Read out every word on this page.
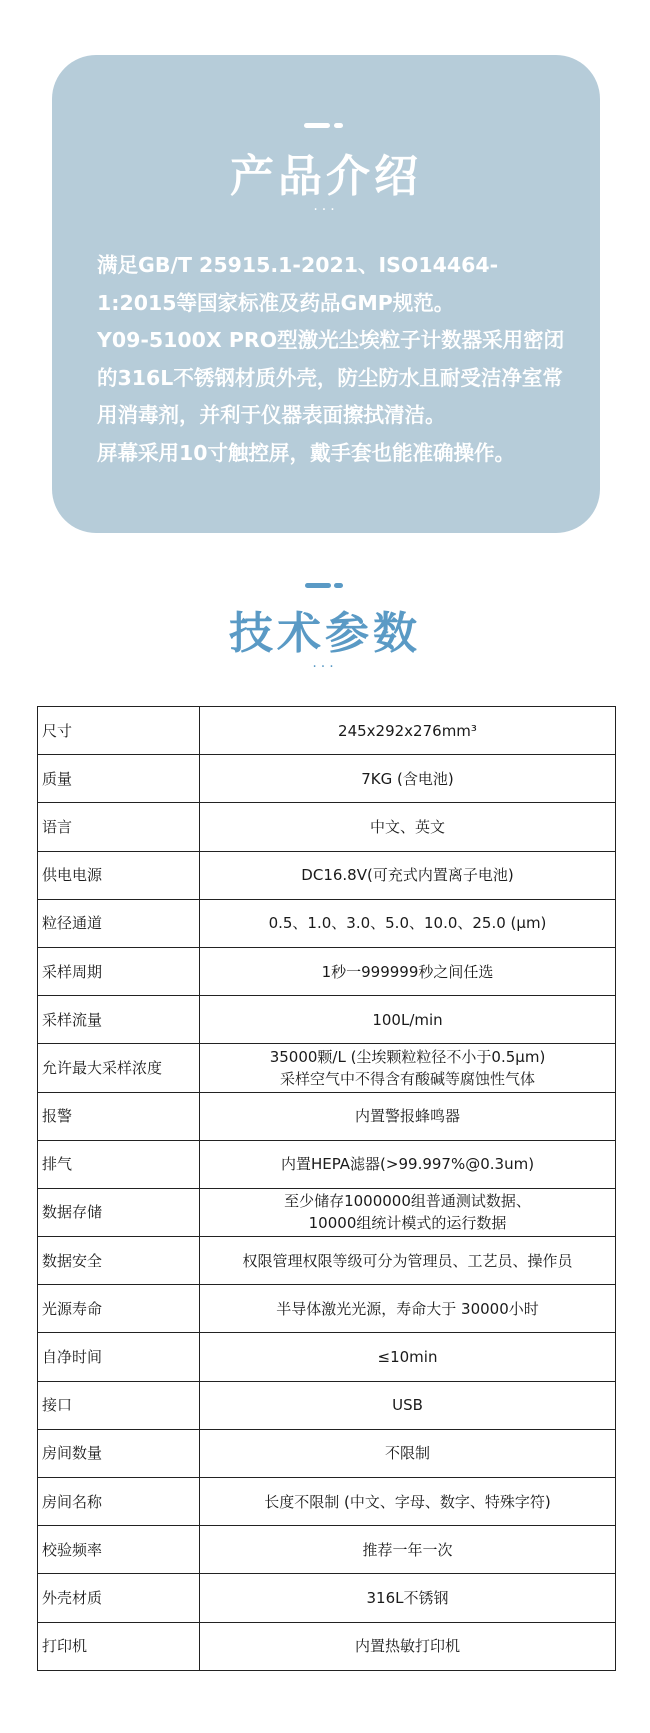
产品介绍
···

满足GB/T 25915.1-2021、ISO14464-1:2015等国家标准及药品GMP规范。

Y09-5100X PRO型激光尘埃粒子计数器采用密闭的316L不锈钢材质外壳，防尘防水且耐受洁净室常用消毒剂，并利于仪器表面擦拭清洁。

屏幕采用10寸触控屏，戴手套也能准确操作。

技术参数
···
尺寸	245x292x276mm³

质量	7KG (含电池)

语言	中文、英文

供电电源	DC16.8V(可充式内置离子电池)

粒径通道	0.5、1.0、3.0、5.0、10.0、25.0 (μm)

采样周期	1秒一999999秒之间任选

采样流量	100L/min

允许最大采样浓度	35000颗/L (尘埃颗粒粒径不小于0.5μm)
采样空气中不得含有酸碱等腐蚀性气体

报警	内置警报蜂鸣器

排气	内置HEPA滤器(>99.997%@0.3um)

数据存储	至少储存1000000组普通测试数据、
10000组统计模式的运行数据

数据安全	权限管理权限等级可分为管理员、工艺员、操作员

光源寿命	半导体激光光源，寿命大于 30000小时

自净时间	≤10min

接口	USB

房间数量	不限制

房间名称	长度不限制 (中文、字母、数字、特殊字符)

校验频率	推荐一年一次

外壳材质	316L不锈钢

打印机	内置热敏打印机
